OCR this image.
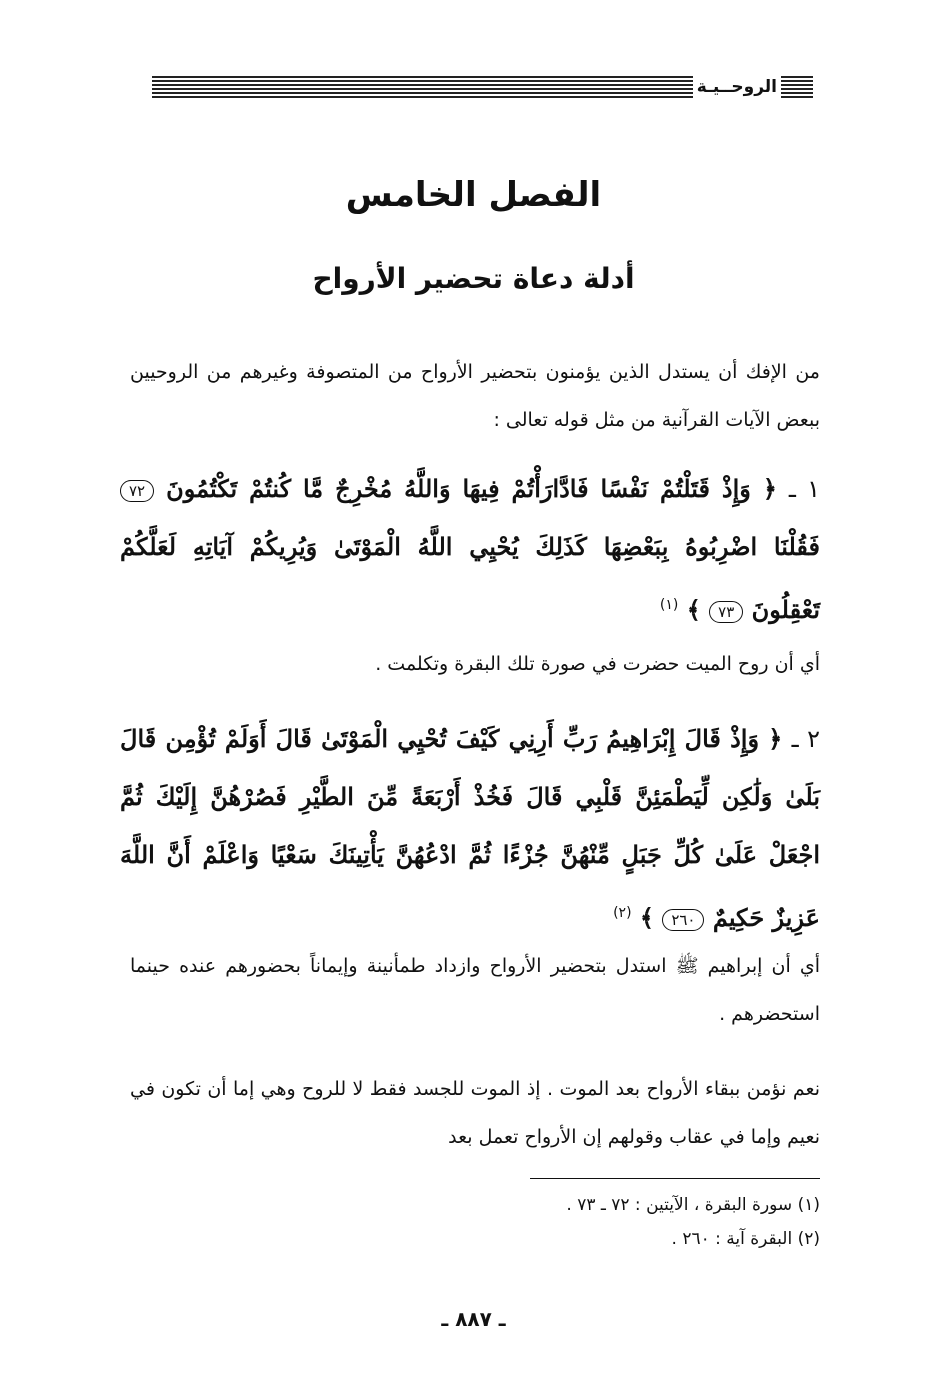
الروحــيـة
الفصل الخامس
أدلة دعاة تحضير الأرواح
من الإفك أن يستدل الذين يؤمنون بتحضير الأرواح من المتصوفة وغيرهم من الروحيين ببعض الآيات القرآنية من مثل قوله تعالى :
١ ـ ﴿ وَإِذْ قَتَلْتُمْ نَفْسًا فَادَّارَأْتُمْ فِيهَا وَاللَّهُ مُخْرِجٌ مَّا كُنتُمْ تَكْتُمُونَ ٧٢ فَقُلْنَا اضْرِبُوهُ بِبَعْضِهَا كَذَلِكَ يُحْيِي اللَّهُ الْمَوْتَىٰ وَيُرِيكُمْ آيَاتِهِ لَعَلَّكُمْ تَعْقِلُونَ ٧٣ ﴾ $^{(١)}$
أي أن روح الميت حضرت في صورة تلك البقرة وتكلمت .
٢ ـ ﴿ وَإِذْ قَالَ إِبْرَاهِيمُ رَبِّ أَرِنِي كَيْفَ تُحْيِي الْمَوْتَىٰ قَالَ أَوَلَمْ تُؤْمِن قَالَ بَلَىٰ وَلَٰكِن لِّيَطْمَئِنَّ قَلْبِي قَالَ فَخُذْ أَرْبَعَةً مِّنَ الطَّيْرِ فَصُرْهُنَّ إِلَيْكَ ثُمَّ اجْعَلْ عَلَىٰ كُلِّ جَبَلٍ مِّنْهُنَّ جُزْءًا ثُمَّ ادْعُهُنَّ يَأْتِينَكَ سَعْيًا وَاعْلَمْ أَنَّ اللَّهَ عَزِيزٌ حَكِيمٌ ٢٦٠ ﴾ $^{(٢)}$
أي أن إبراهيم ﷺ استدل بتحضير الأرواح وازداد طمأنينة وإيماناً بحضورهم عنده حينما استحضرهم .
نعم نؤمن ببقاء الأرواح بعد الموت . إذ الموت للجسد فقط لا للروح وهي إما أن تكون في نعيم وإما في عقاب وقولهم إن الأرواح تعمل بعد
(١) سورة البقرة ، الآيتين : ٧٢ ـ ٧٣ .
(٢) البقرة آية : ٢٦٠ .
ـ ٨٨٧ ـ
